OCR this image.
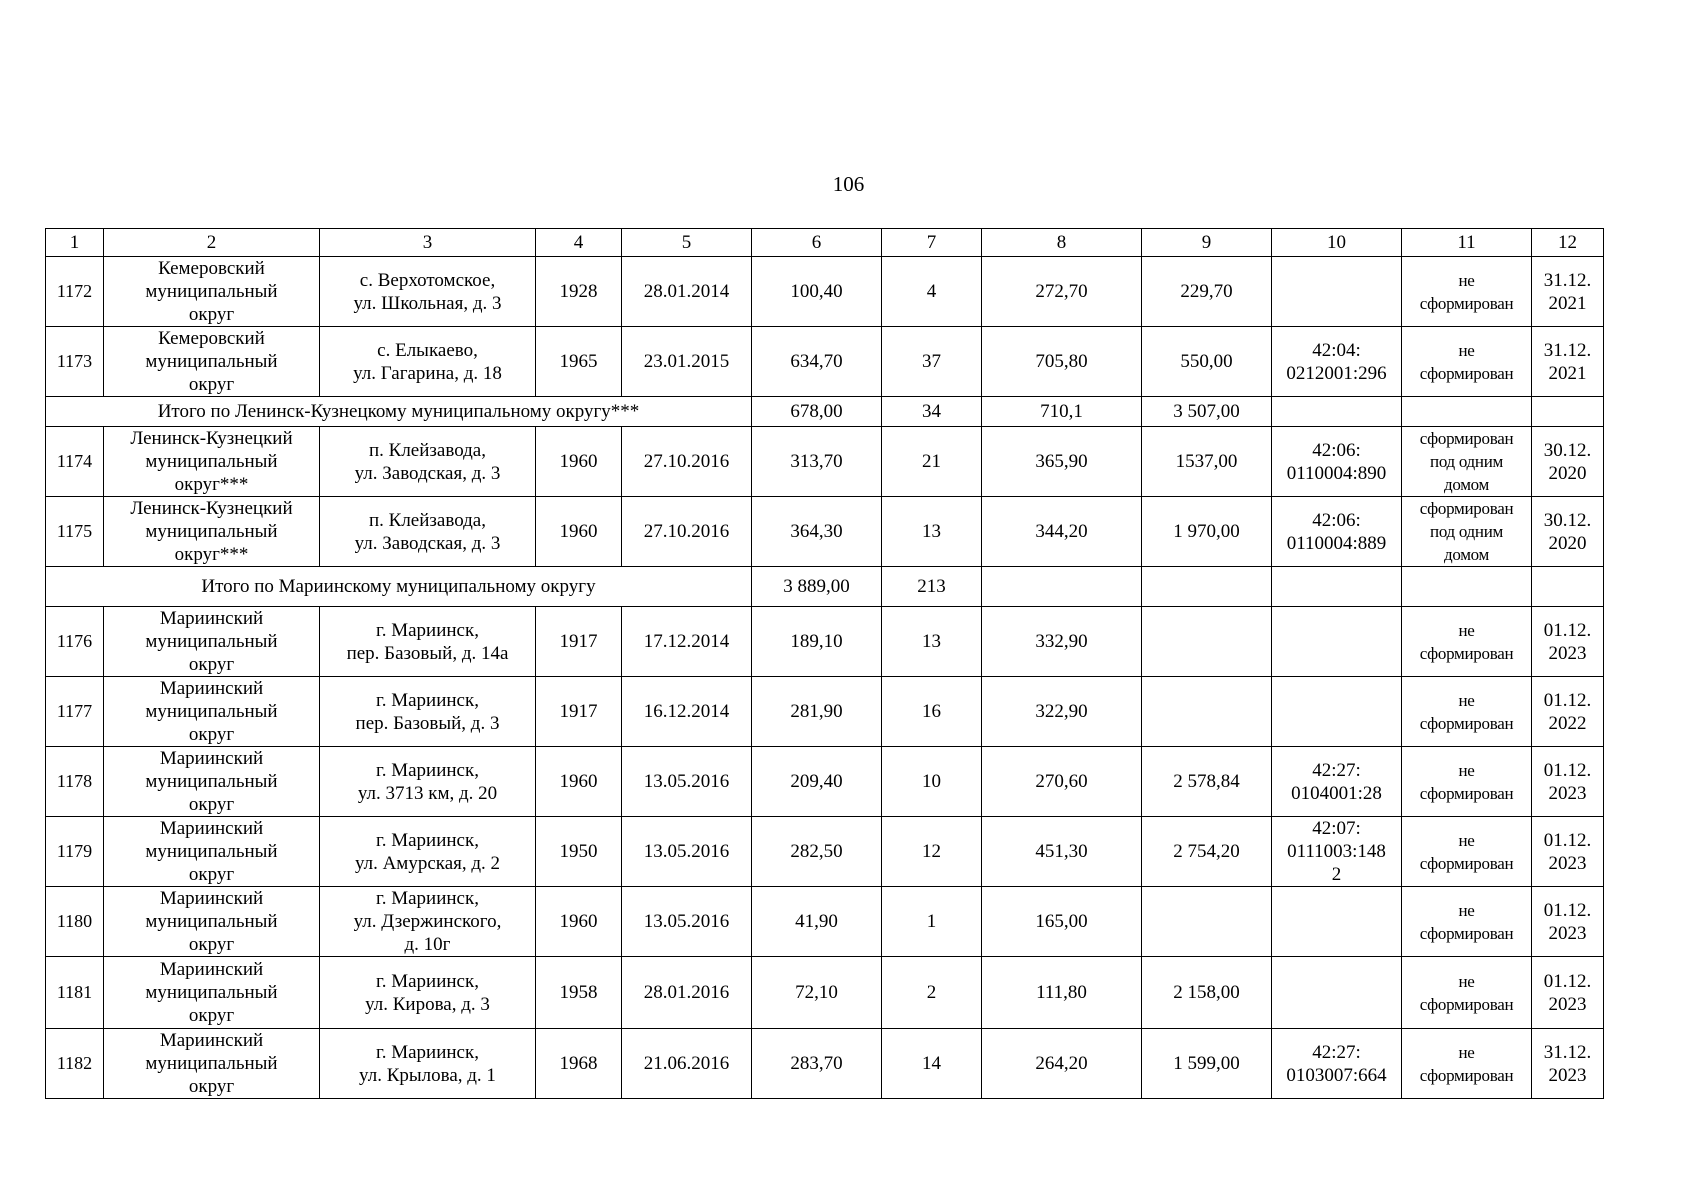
106
1	2	3	4	5	6	7	8	9	10	11	12
1172	Кемеровский
муниципальный
округ	с. Верхотомское,
ул. Школьная, д. 3	1928	28.01.2014	100,40	4	272,70	229,70		не
сформирован	31.12.
2021
1173	Кемеровский
муниципальный
округ	с. Елыкаево,
ул. Гагарина, д. 18	1965	23.01.2015	634,70	37	705,80	550,00	42:04:
0212001:296	не
сформирован	31.12.
2021
Итого по Ленинск-Кузнецкому муниципальному округу***					678,00	34	710,1	3 507,00			
1174	Ленинск-Кузнецкий
муниципальный
округ***	п. Клейзавода,
ул. Заводская, д. 3	1960	27.10.2016	313,70	21	365,90	1537,00	42:06:
0110004:890	сформирован
под одним
домом	30.12.
2020
1175	Ленинск-Кузнецкий
муниципальный
округ***	п. Клейзавода,
ул. Заводская, д. 3	1960	27.10.2016	364,30	13	344,20	1 970,00	42:06:
0110004:889	сформирован
под одним
домом	30.12.
2020
Итого по Мариинскому муниципальному округу					3 889,00	213					
1176	Мариинский
муниципальный
округ	г. Мариинск,
пер. Базовый, д. 14а	1917	17.12.2014	189,10	13	332,90			не
сформирован	01.12.
2023
1177	Мариинский
муниципальный
округ	г. Мариинск,
пер. Базовый, д. 3	1917	16.12.2014	281,90	16	322,90			не
сформирован	01.12.
2022
1178	Мариинский
муниципальный
округ	г. Мариинск,
ул. 3713 км, д. 20	1960	13.05.2016	209,40	10	270,60	2 578,84	42:27:
0104001:28	не
сформирован	01.12.
2023
1179	Мариинский
муниципальный
округ	г. Мариинск,
ул. Амурская, д. 2	1950	13.05.2016	282,50	12	451,30	2 754,20	42:07:
0111003:148
2	не
сформирован	01.12.
2023
1180	Мариинский
муниципальный
округ	г. Мариинск,
ул. Дзержинского,
д. 10г	1960	13.05.2016	41,90	1	165,00			не
сформирован	01.12.
2023
1181	Мариинский
муниципальный
округ	г. Мариинск,
ул. Кирова, д. 3	1958	28.01.2016	72,10	2	111,80	2 158,00		не
сформирован	01.12.
2023
1182	Мариинский
муниципальный
округ	г. Мариинск,
ул. Крылова, д. 1	1968	21.06.2016	283,70	14	264,20	1 599,00	42:27:
0103007:664	не
сформирован	31.12.
2023
